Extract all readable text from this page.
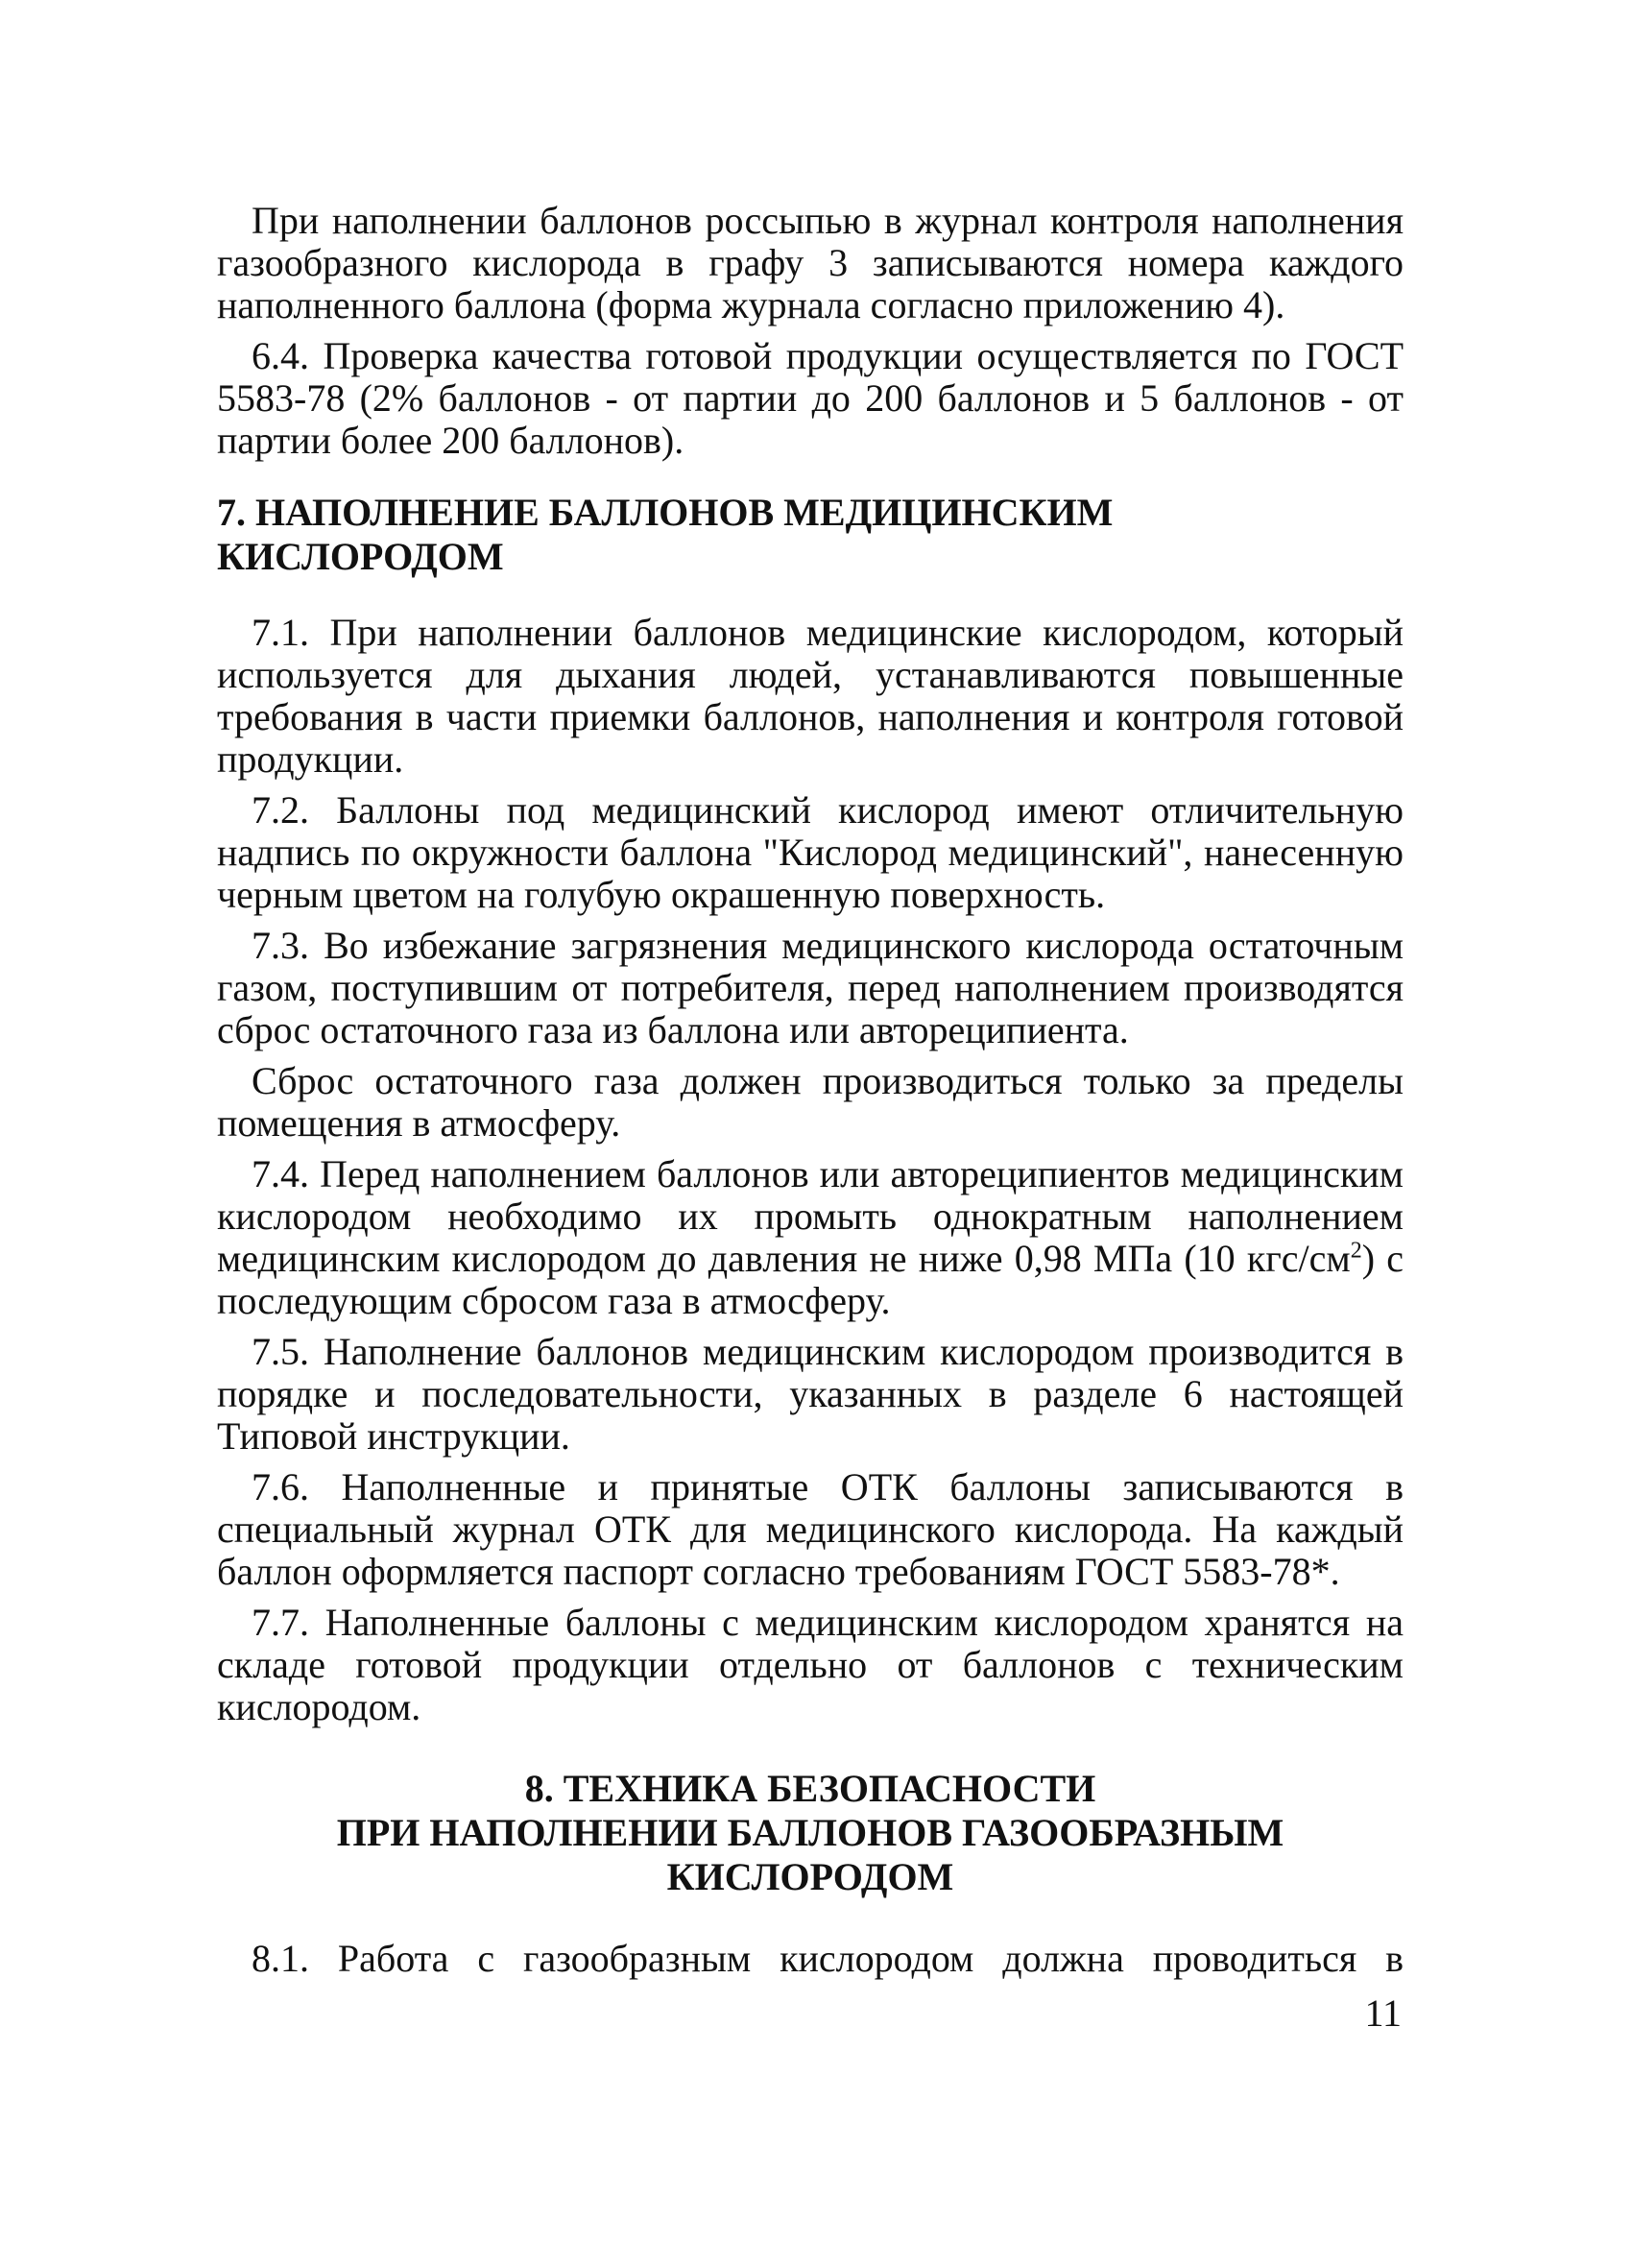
При наполнении баллонов россыпью в журнал контроля наполнения газообразного кислорода в графу 3 записываются номера каждого наполненного баллона (форма журнала согласно приложению 4).

6.4. Проверка качества готовой продукции осуществляется по ГОСТ 5583-78 (2% баллонов - от партии до 200 баллонов и 5 баллонов - от партии более 200 баллонов).

7. НАПОЛНЕНИЕ БАЛЛОНОВ МЕДИЦИНСКИМ КИСЛОРОДОМ

7.1. При наполнении баллонов медицинские кислородом, который используется для дыхания людей, устанавливаются повышенные требования в части приемки баллонов, наполнения и контроля готовой продукции.

7.2. Баллоны под медицинский кислород имеют отличительную надпись по окружности баллона "Кислород медицинский", нанесенную черным цветом на голубую окрашенную поверхность.

7.3. Во избежание загрязнения медицинского кислорода остаточным газом, поступившим от потребителя, перед наполнением производятся сброс остаточного газа из баллона или автореципиента.

Сброс остаточного газа должен производиться только за пределы помещения в атмосферу.

7.4. Перед наполнением баллонов или автореципиентов медицинским кислородом необходимо их промыть однократным наполнением медицинским кислородом до давления не ниже 0,98 МПа (10 кгс/$см^2$) с последующим сбросом газа в атмосферу.

7.5. Наполнение баллонов медицинским кислородом производится в порядке и последовательности, указанных в разделе 6 настоящей Типовой инструкции.

7.6. Наполненные и принятые ОТК баллоны записываются в специальный журнал ОТК для медицинского кислорода. На каждый баллон оформляется паспорт согласно требованиям ГОСТ 5583-78*.

7.7. Наполненные баллоны с медицинским кислородом хранятся на складе готовой продукции отдельно от баллонов с техническим кислородом.

8. ТЕХНИКА БЕЗОПАСНОСТИ
ПРИ НАПОЛНЕНИИ БАЛЛОНОВ ГАЗООБРАЗНЫМ
КИСЛОРОДОМ

8.1. Работа с газообразным кислородом должна проводиться в

11
